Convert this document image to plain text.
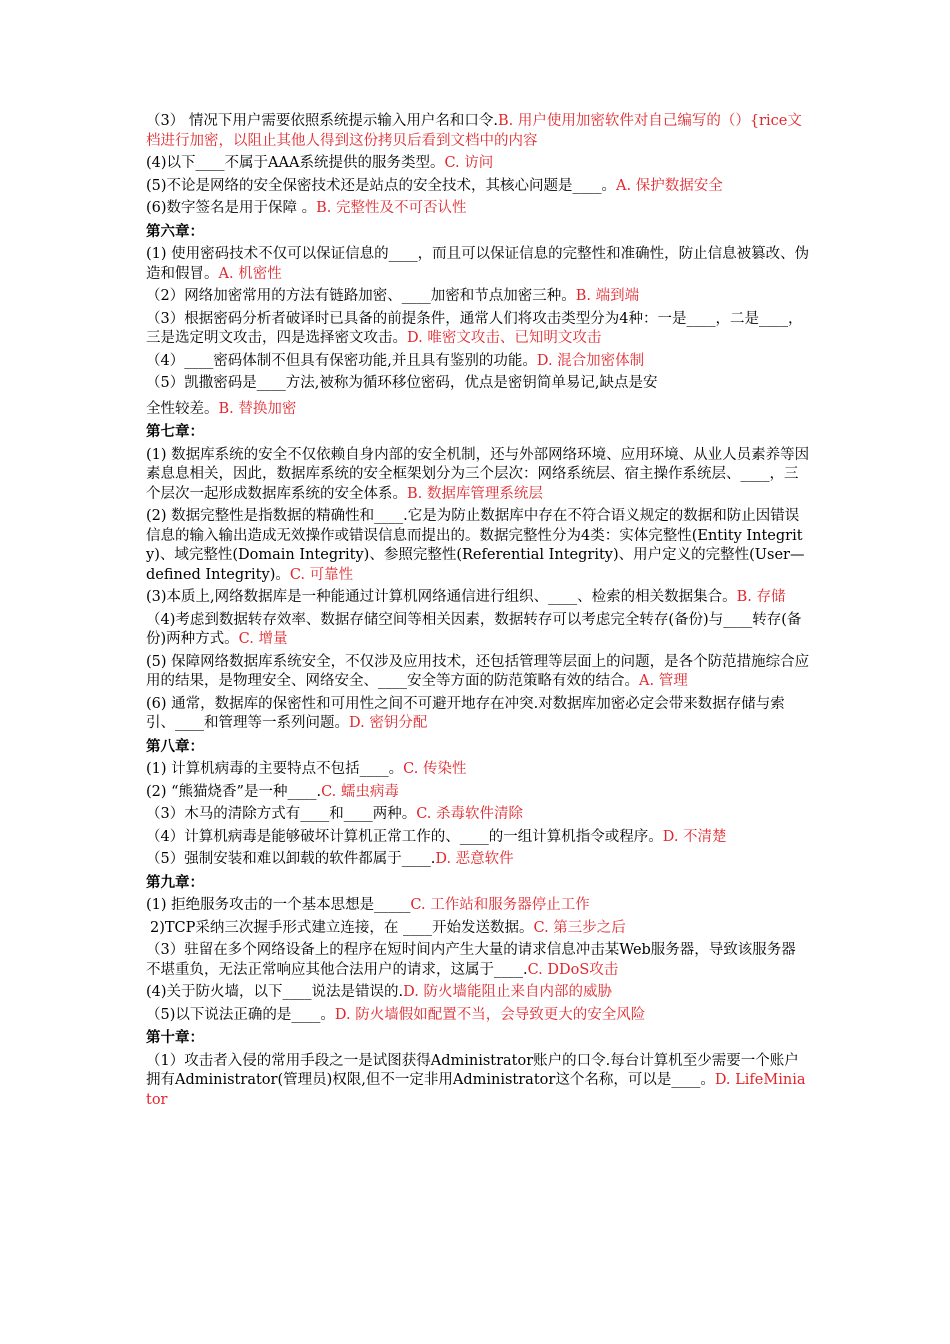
（3） 情况下用户需要依照系统提示输入用户名和口令.B. 用户使用加密软件对自己编写的（）{rice文档进行加密，以阻止其他人得到这份拷贝后看到文档中的内容

(4)以下____不属于AAA系统提供的服务类型。C. 访问

(5)不论是网络的安全保密技术还是站点的安全技术，其核心问题是____。A. 保护数据安全

(6)数字签名是用于保障 。B. 完整性及不可否认性

第六章：

(1) 使用密码技术不仅可以保证信息的____，而且可以保证信息的完整性和准确性，防止信息被篡改、伪造和假冒。A. 机密性

（2）网络加密常用的方法有链路加密、____加密和节点加密三种。B. 端到端

（3）根据密码分析者破译时已具备的前提条件，通常人们将攻击类型分为4种：一是____，二是____，三是选定明文攻击，四是选择密文攻击。D. 唯密文攻击、已知明文攻击

（4）____密码体制不但具有保密功能,并且具有鉴别的功能。D. 混合加密体制

（5）凯撒密码是____方法,被称为循环移位密码，优点是密钥简单易记,缺点是安

全性较差。B. 替换加密

第七章：

(1) 数据库系统的安全不仅依赖自身内部的安全机制，还与外部网络环境、应用环境、从业人员素养等因素息息相关，因此，数据库系统的安全框架划分为三个层次：网络系统层、宿主操作系统层、____，三个层次一起形成数据库系统的安全体系。B. 数据库管理系统层

(2) 数据完整性是指数据的精确性和____.它是为防止数据库中存在不符合语义规定的数据和防止因错误信息的输入输出造成无效操作或错误信息而提出的。数据完整性分为4类：实体完整性(Entity Integrity)、域完整性(Domain Integrity)、参照完整性(Referential Integrity)、用户定义的完整性(User—defined Integrity)。C. 可靠性

(3)本质上,网络数据库是一种能通过计算机网络通信进行组织、____、检索的相关数据集合。B. 存储

（4)考虑到数据转存效率、数据存储空间等相关因素，数据转存可以考虑完全转存(备份)与____转存(备份)两种方式。C. 增量

(5) 保障网络数据库系统安全，不仅涉及应用技术，还包括管理等层面上的问题，是各个防范措施综合应用的结果，是物理安全、网络安全、____安全等方面的防范策略有效的结合。A. 管理

(6) 通常，数据库的保密性和可用性之间不可避开地存在冲突.对数据库加密必定会带来数据存储与索引、____和管理等一系列问题。D. 密钥分配

第八章：

(1) 计算机病毒的主要特点不包括____。C. 传染性

(2) “熊猫烧香”是一种____.C. 蠕虫病毒

（3）木马的清除方式有____和____两种。C. 杀毒软件清除

（4）计算机病毒是能够破坏计算机正常工作的、____的一组计算机指令或程序。D. 不清楚

（5）强制安装和难以卸载的软件都属于____.D. 恶意软件

第九章：

(1) 拒绝服务攻击的一个基本思想是_____C. 工作站和服务器停止工作

2)TCP采纳三次握手形式建立连接，在 ____开始发送数据。C. 第三步之后

（3）驻留在多个网络设备上的程序在短时间内产生大量的请求信息冲击某Web服务器，导致该服务器不堪重负，无法正常响应其他合法用户的请求，这属于____.C. DDoS攻击

(4)关于防火墙，以下____说法是错误的.D. 防火墙能阻止来自内部的威胁

（5)以下说法正确的是____。D. 防火墙假如配置不当，会导致更大的安全风险

第十章：

（1）攻击者入侵的常用手段之一是试图获得Administrator账户的口令.每台计算机至少需要一个账户拥有Administrator(管理员)权限,但不一定非用Administrator这个名称，可以是____。D. LifeMiniator
